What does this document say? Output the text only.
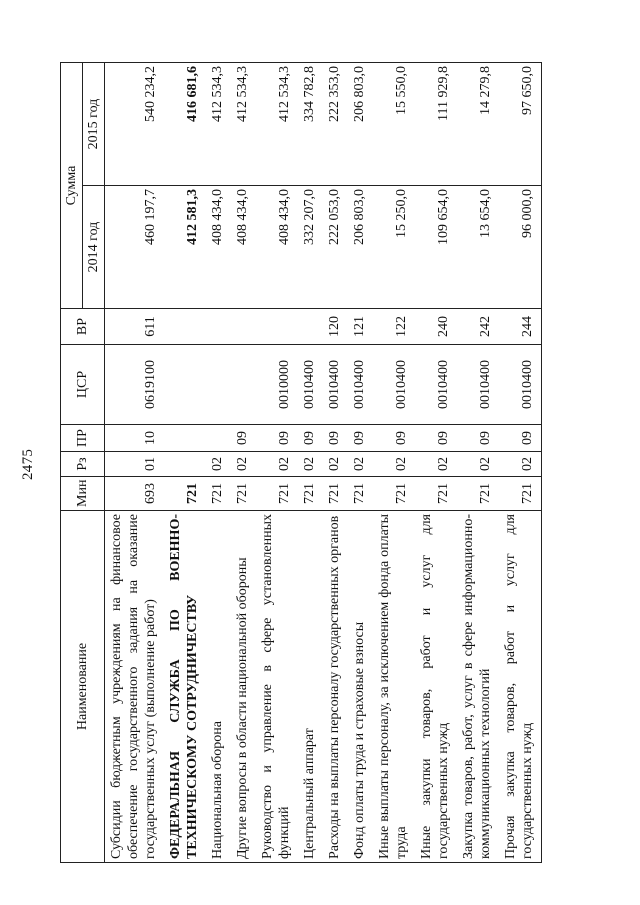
2475
Наименование	Мин	Рз	ПР	ЦСР	ВР	Сумма	
						2014 год	2015 год
Субсидии бюджетным учреждениям на финансовое обеспечение государственного задания на оказание государственных услуг (выполнение работ)	693	01	10	0619100	611	460 197,7	540 234,2
ФЕДЕРАЛЬНАЯ СЛУЖБА ПО ВОЕННО-ТЕХНИЧЕСКОМУ СОТРУДНИЧЕСТВУ	721					412 581,3	416 681,6
Национальная оборона	721	02				408 434,0	412 534,3
Другие вопросы в области национальной обороны	721	02	09			408 434,0	412 534,3
Руководство и управление в сфере установленных функций	721	02	09	0010000		408 434,0	412 534,3
Центральный аппарат	721	02	09	0010400		332 207,0	334 782,8
Расходы на выплаты персоналу государственных органов	721	02	09	0010400	120	222 053,0	222 353,0
Фонд оплаты труда и страховые взносы	721	02	09	0010400	121	206 803,0	206 803,0
Иные выплаты персоналу, за исключением фонда оплаты труда	721	02	09	0010400	122	15 250,0	15 550,0
Иные закупки товаров, работ и услуг для государственных нужд	721	02	09	0010400	240	109 654,0	111 929,8
Закупка товаров, работ, услуг в сфере информационно-коммуникационных технологий	721	02	09	0010400	242	13 654,0	14 279,8
Прочая закупка товаров, работ и услуг для государственных нужд	721	02	09	0010400	244	96 000,0	97 650,0
